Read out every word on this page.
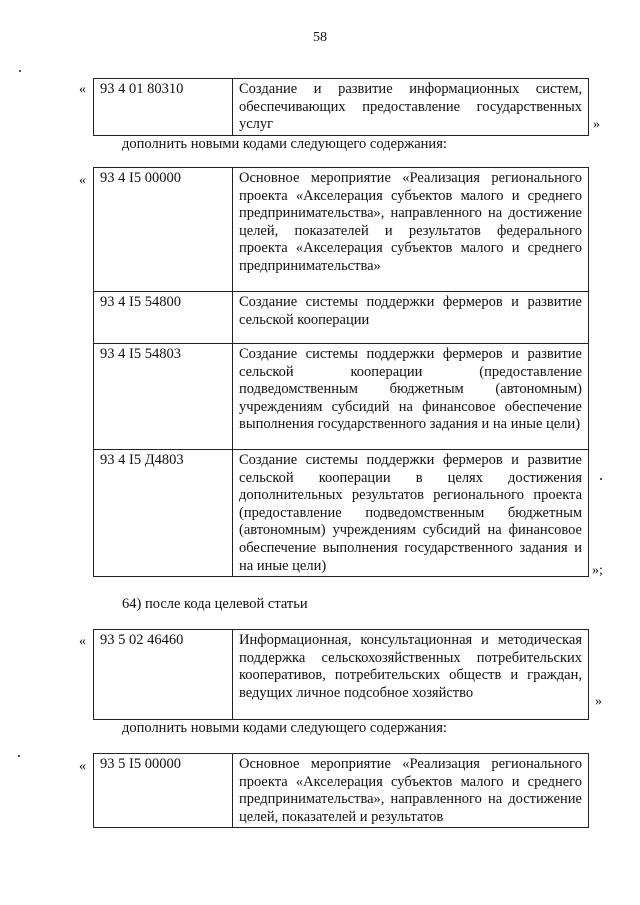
58
« 93 4 01 80310	Создание и развитие информационных систем, обеспечивающих предоставление государственных услуг	»
дополнить новыми кодами следующего содержания:
« 93 4 I5 00000	Основное мероприятие «Реализация регионального проекта «Акселерация субъектов малого и среднего предпринимательства», направленного на достижение целей, показателей и результатов федерального проекта «Акселерация субъектов малого и среднего предпринимательства»
93 4 I5 54800	Создание системы поддержки фермеров и развитие сельской кооперации
93 4 I5 54803	Создание системы поддержки фермеров и развитие сельской кооперации (предоставление подведомственным бюджетным (автономным) учреждениям субсидий на финансовое обеспечение выполнения государственного задания и на иные цели)
93 4 I5 Д4803	Создание системы поддержки фермеров и развитие сельской кооперации в целях достижения дополнительных результатов регионального проекта (предоставление подведомственным бюджетным (автономным) учреждениям субсидий на финансовое обеспечение выполнения государственного задания и на иные цели)	»;
64) после кода целевой статьи
« 93 5 02 46460	Информационная, консультационная и методическая поддержка сельскохозяйственных потребительских кооперативов, потребительских обществ и граждан, ведущих личное подсобное хозяйство
»
дополнить новыми кодами следующего содержания:
« 93 5 I5 00000	Основное мероприятие «Реализация регионального проекта «Акселерация субъектов малого и среднего предпринимательства», направленного на достижение целей, показателей и результатов
